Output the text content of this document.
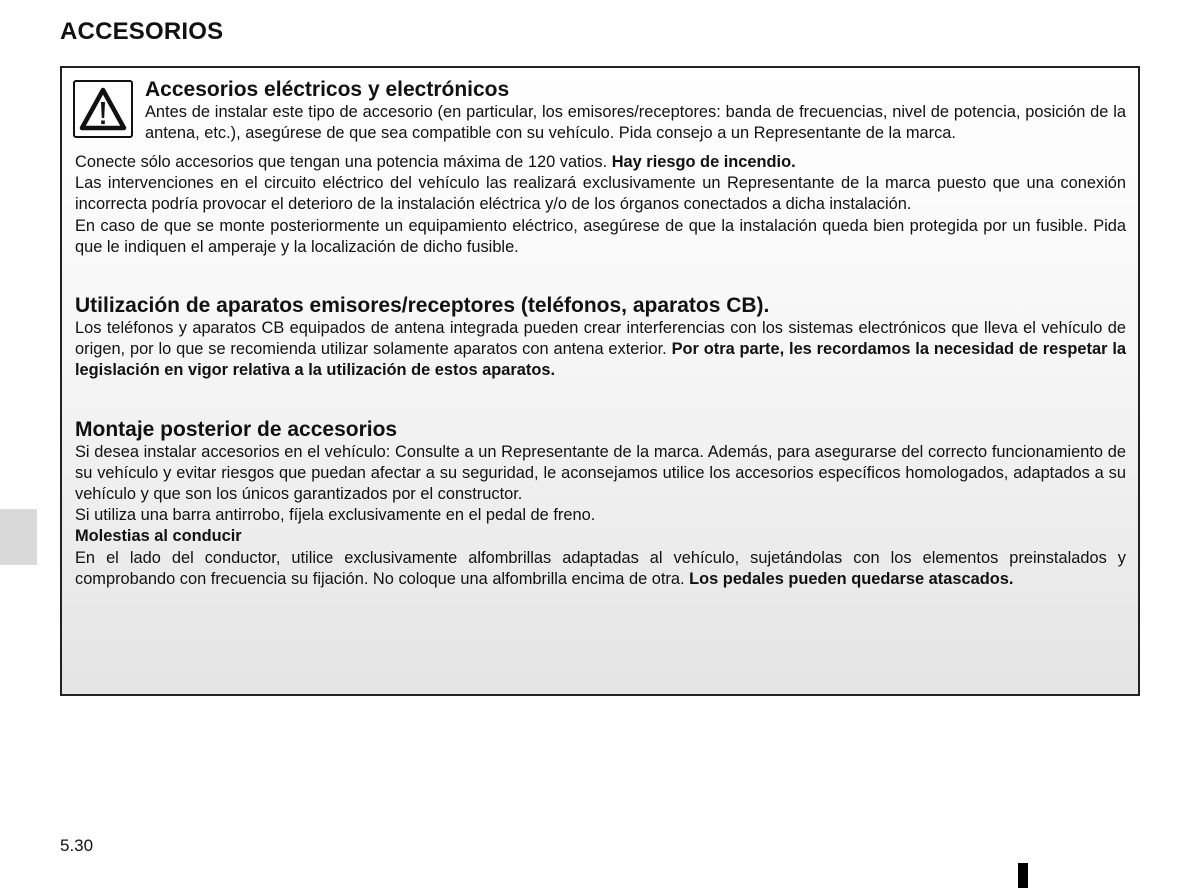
ACCESORIOS
Accesorios eléctricos y electrónicos

Antes de instalar este tipo de accesorio (en particular, los emisores/receptores: banda de frecuencias, nivel de potencia, posición de la antena, etc.), asegúrese de que sea compatible con su vehículo. Pida consejo a un Representante de la marca.

Conecte sólo accesorios que tengan una potencia máxima de 120 vatios. Hay riesgo de incendio.

Las intervenciones en el circuito eléctrico del vehículo las realizará exclusivamente un Representante de la marca puesto que una conexión incorrecta podría provocar el deterioro de la instalación eléctrica y/o de los órganos conectados a dicha instalación.

En caso de que se monte posteriormente un equipamiento eléctrico, asegúrese de que la instalación queda bien protegida por un fusible. Pida que le indiquen el amperaje y la localización de dicho fusible.

Utilización de aparatos emisores/receptores (teléfonos, aparatos CB).

Los teléfonos y aparatos CB equipados de antena integrada pueden crear interferencias con los sistemas electrónicos que lleva el vehículo de origen, por lo que se recomienda utilizar solamente aparatos con antena exterior. Por otra parte, les recordamos la necesidad de respetar la legislación en vigor relativa a la utilización de estos aparatos.

Montaje posterior de accesorios

Si desea instalar accesorios en el vehículo: Consulte a un Representante de la marca. Además, para asegurarse del correcto funcionamiento de su vehículo y evitar riesgos que puedan afectar a su seguridad, le aconsejamos utilice los accesorios específicos homologados, adaptados a su vehículo y que son los únicos garantizados por el constructor.

Si utiliza una barra antirrobo, fíjela exclusivamente en el pedal de freno.

Molestias al conducir

En el lado del conductor, utilice exclusivamente alfombrillas adaptadas al vehículo, sujetándolas con los elementos preinstalados y comprobando con frecuencia su fijación. No coloque una alfombrilla encima de otra. Los pedales pueden quedarse atascados.

5.30
